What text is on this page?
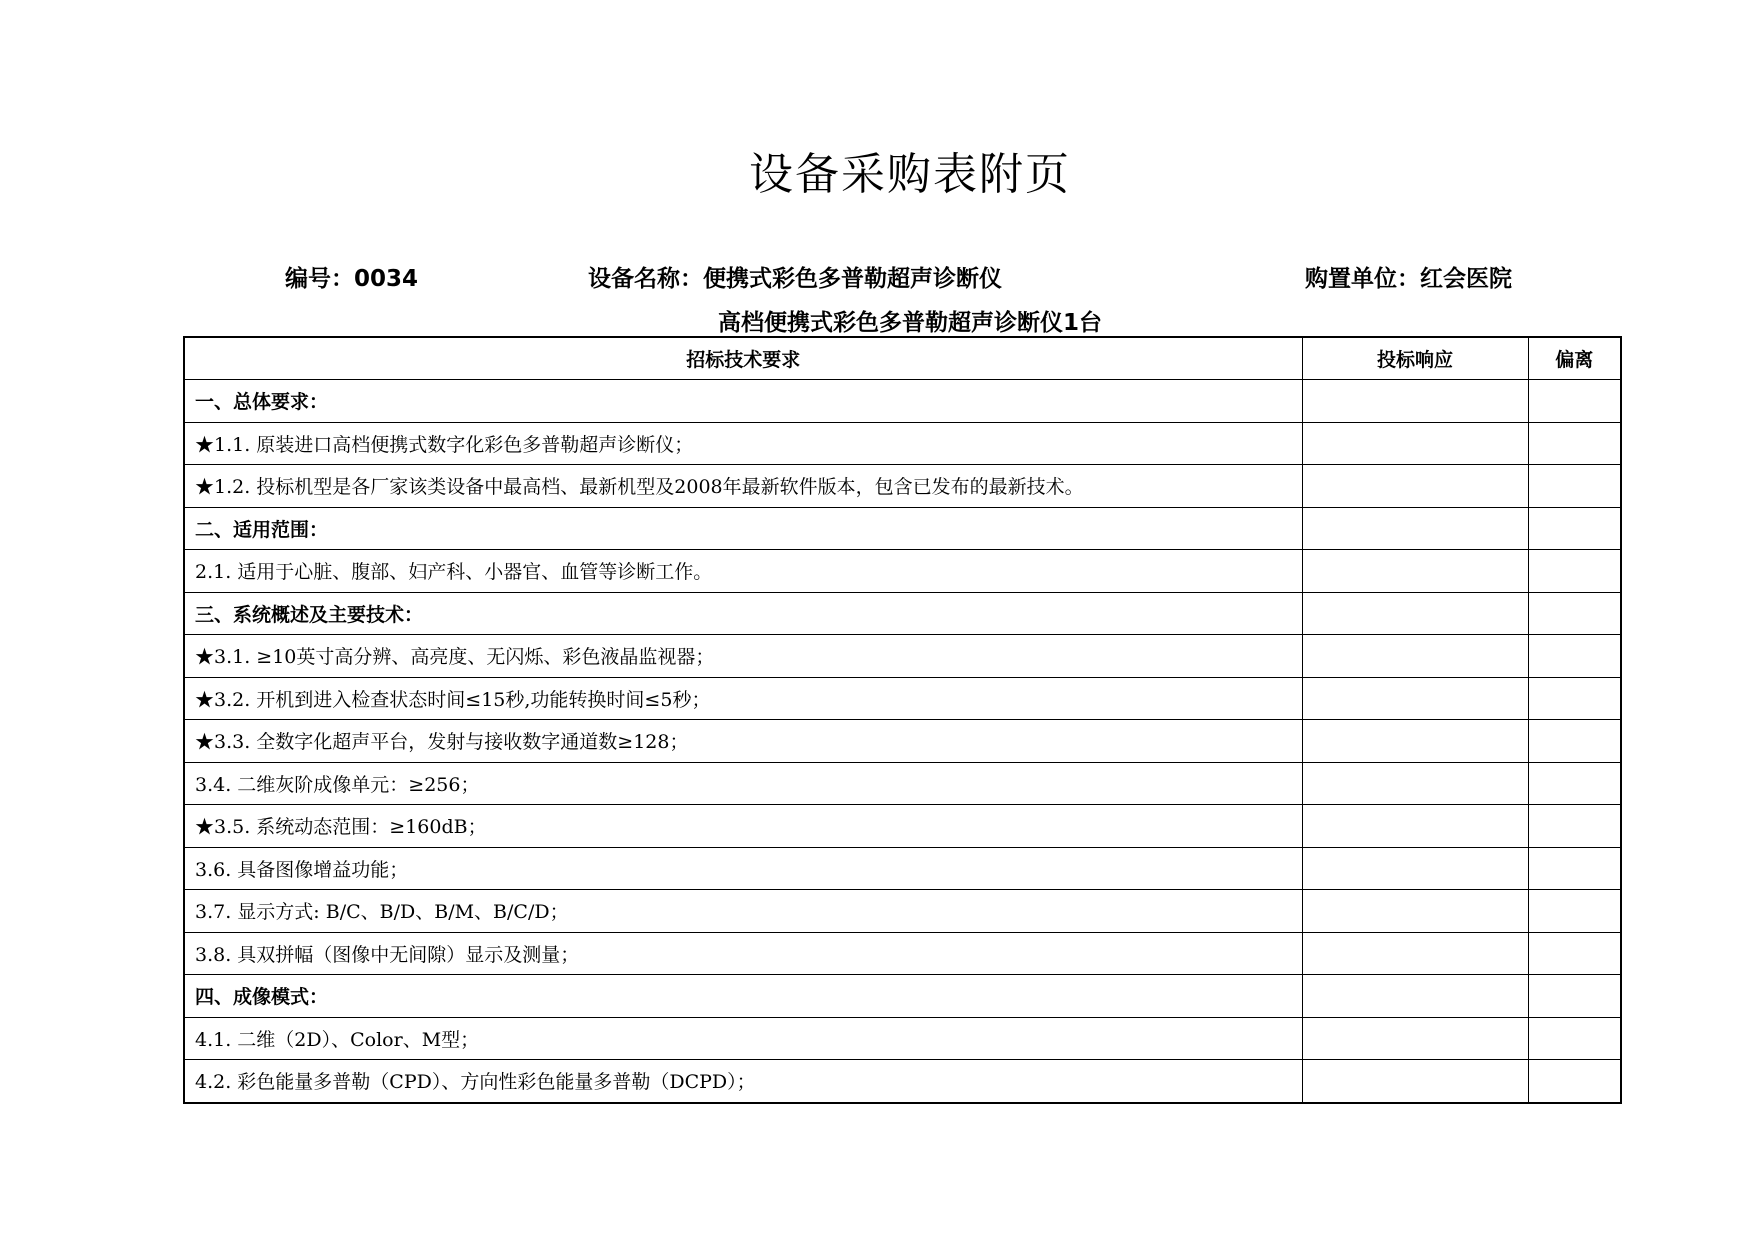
设备采购表附页
编号：0034	设备名称：便携式彩色多普勒超声诊断仪	购置单位：红会医院
高档便携式彩色多普勒超声诊断仪1台
招标技术要求	投标响应	偏离
一、总体要求：		
★1.1. 原装进口高档便携式数字化彩色多普勒超声诊断仪；		
★1.2. 投标机型是各厂家该类设备中最高档、最新机型及2008年最新软件版本，包含已发布的最新技术。		
二、适用范围：		
2.1. 适用于心脏、腹部、妇产科、小器官、血管等诊断工作。		
三、系统概述及主要技术：		
★3.1. ≥10英寸高分辨、高亮度、无闪烁、彩色液晶监视器；		
★3.2. 开机到进入检查状态时间≤15秒,功能转换时间≤5秒；		
★3.3. 全数字化超声平台，发射与接收数字通道数≥128；		
3.4. 二维灰阶成像单元：≥256；		
★3.5. 系统动态范围：≥160dB；		
3.6. 具备图像增益功能；		
3.7. 显示方式: B/C、B/D、B/M、B/C/D；		
3.8. 具双拼幅（图像中无间隙）显示及测量；		
四、成像模式：		
4.1. 二维（2D）、Color、M型；		
4.2. 彩色能量多普勒（CPD）、方向性彩色能量多普勒（DCPD）；		
